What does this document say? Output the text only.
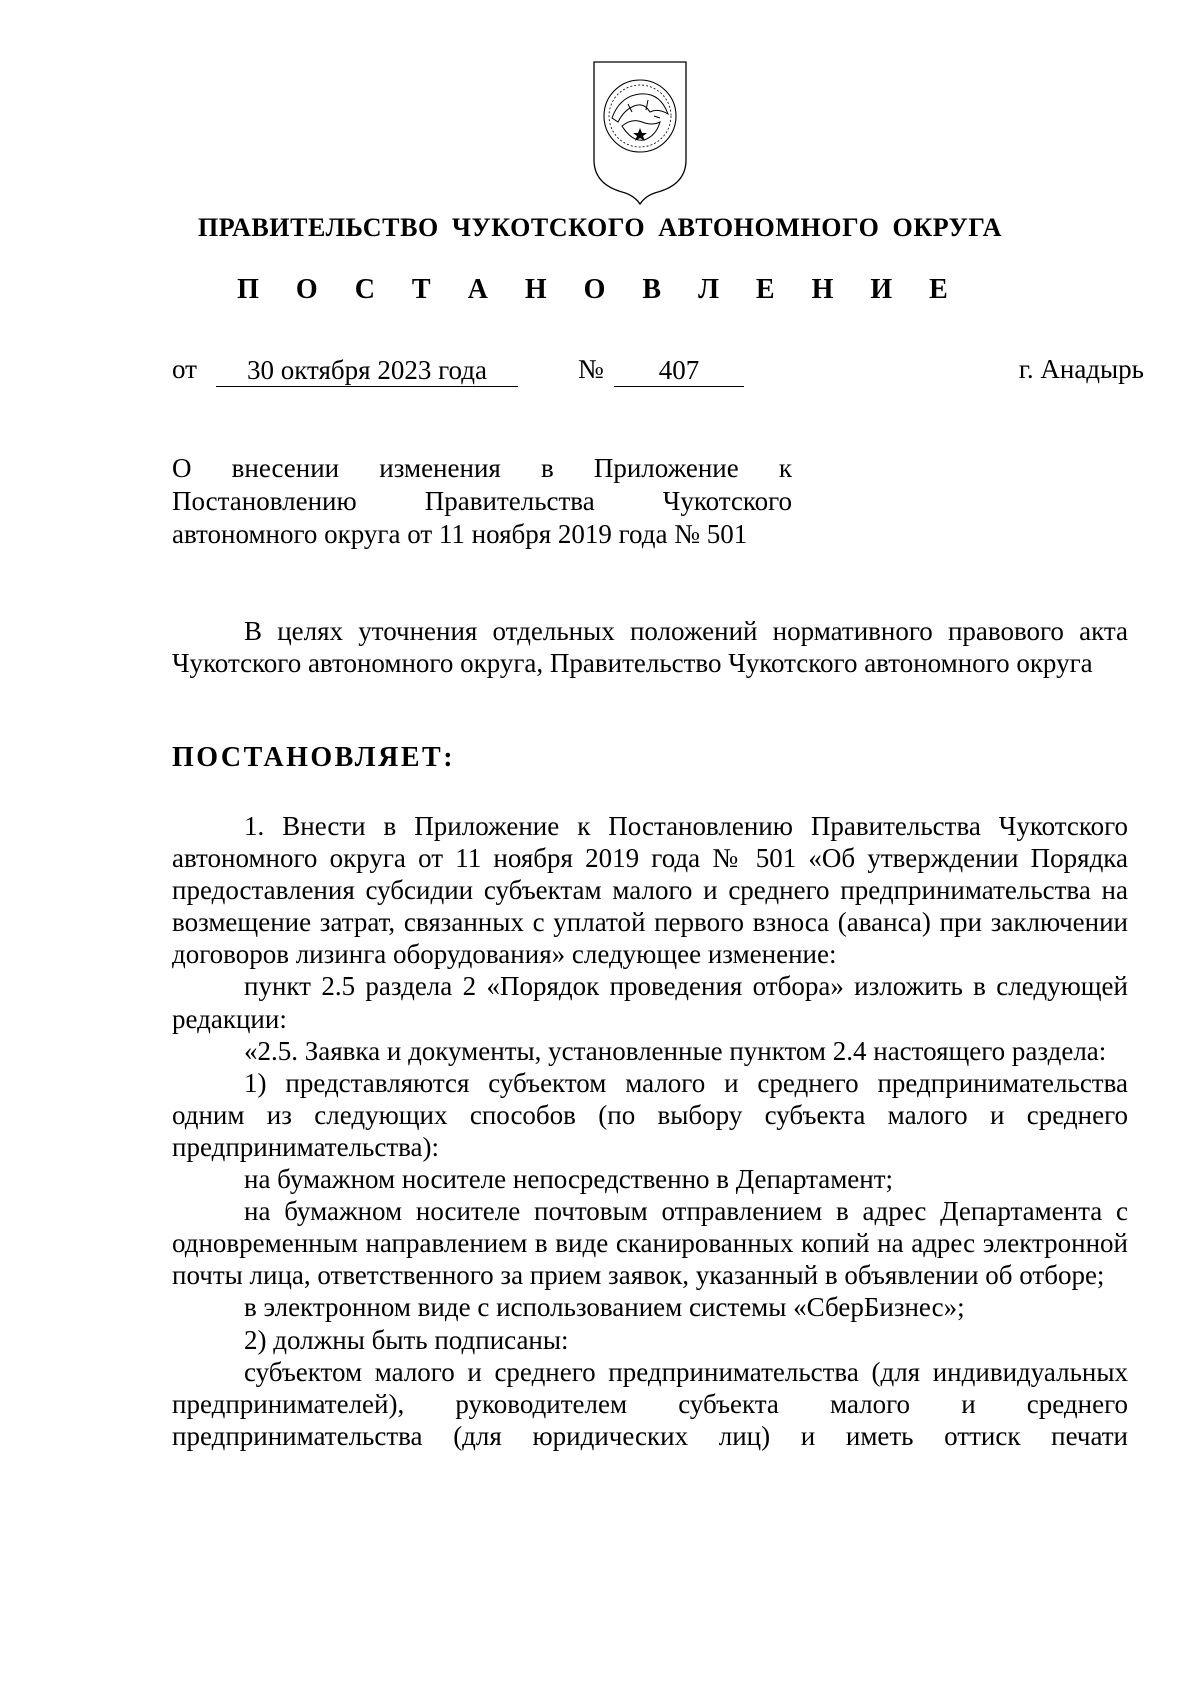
ПРАВИТЕЛЬСТВО ЧУКОТСКОГО АВТОНОМНОГО ОКРУГА
П О С Т А Н О В Л Е Н И Е
от	30 октября 2023 года	№	407	г. Анадырь
О внесении изменения в Приложение к
Постановлению Правительства Чукотского
автономного округа от 11 ноября 2019 года № 501
В целях уточнения отдельных положений нормативного правового акта Чукотского автономного округа, Правительство Чукотского автономного округа
ПОСТАНОВЛЯЕТ:
1. Внести в Приложение к Постановлению Правительства Чукотского автономного округа от 11 ноября 2019 года № 501 «Об утверждении Порядка предоставления субсидии субъектам малого и среднего предпринимательства на возмещение затрат, связанных с уплатой первого взноса (аванса) при заключении договоров лизинга оборудования» следующее изменение:
пункт 2.5 раздела 2 «Порядок проведения отбора» изложить в следующей редакции:
«2.5. Заявка и документы, установленные пунктом 2.4 настоящего раздела:
1) представляются субъектом малого и среднего предпринимательства одним из следующих способов (по выбору субъекта малого и среднего предпринимательства):
на бумажном носителе непосредственно в Департамент;
на бумажном носителе почтовым отправлением в адрес Департамента с одновременным направлением в виде сканированных копий на адрес электронной почты лица, ответственного за прием заявок, указанный в объявлении об отборе;
в электронном виде с использованием системы «СберБизнес»;
2) должны быть подписаны:
субъектом малого и среднего предпринимательства (для индивидуальных предпринимателей), руководителем субъекта малого и среднего предпринимательства (для юридических лиц) и иметь оттиск печати
